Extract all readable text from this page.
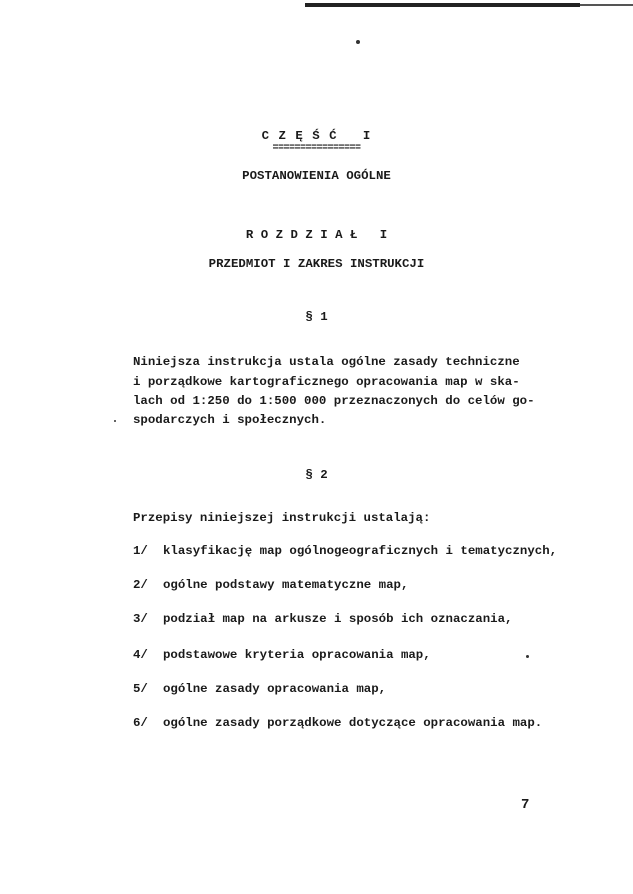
C Z Ę Ś Ć   I
================
POSTANOWIENIA OGÓLNE
R O Z D Z I A Ł   I
PRZEDMIOT I ZAKRES INSTRUKCJI
§ 1
Niniejsza instrukcja ustala ogólne zasady techniczne
i porządkowe kartograficznego opracowania map w ska-
lach od 1:250 do 1:500 000 przeznaczonych do celów go-
spodarczych i społecznych.
§ 2
Przepisy niniejszej instrukcji ustalają:
1/ klasyfikację map ogólnogeograficznych i tematycznych,
2/ ogólne podstawy matematyczne map,
3/ podział map na arkusze i sposób ich oznaczania,
4/ podstawowe kryteria opracowania map,
5/ ogólne zasady opracowania map,
6/ ogólne zasady porządkowe dotyczące opracowania map.
7
